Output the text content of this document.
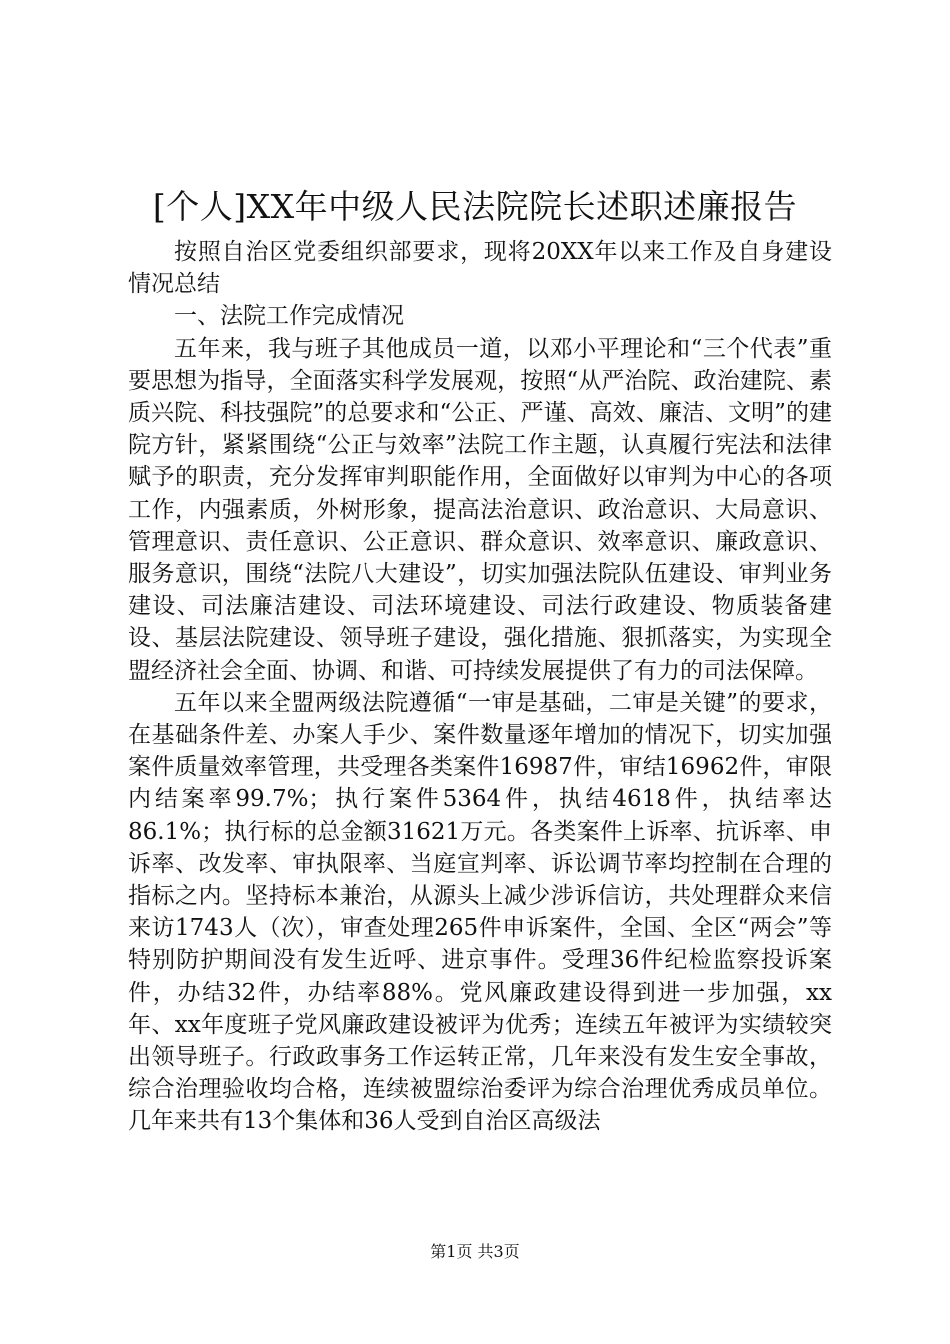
[个人]XX年中级人民法院院长述职述廉报告

按照自治区党委组织部要求，现将20XX年以来工作及自身建设情况总结

一、法院工作完成情况

五年来，我与班子其他成员一道，以邓小平理论和“三个代表”重要思想为指导，全面落实科学发展观，按照“从严治院、政治建院、素质兴院、科技强院”的总要求和“公正、严谨、高效、廉洁、文明”的建院方针，紧紧围绕“公正与效率”法院工作主题，认真履行宪法和法律赋予的职责，充分发挥审判职能作用，全面做好以审判为中心的各项工作，内强素质，外树形象，提高法治意识、政治意识、大局意识、管理意识、责任意识、公正意识、群众意识、效率意识、廉政意识、服务意识，围绕“法院八大建设”，切实加强法院队伍建设、审判业务建设、司法廉洁建设、司法环境建设、司法行政建设、物质装备建设、基层法院建设、领导班子建设，强化措施、狠抓落实，为实现全盟经济社会全面、协调、和谐、可持续发展提供了有力的司法保障。

五年以来全盟两级法院遵循“一审是基础，二审是关键”的要求，在基础条件差、办案人手少、案件数量逐年增加的情况下，切实加强案件质量效率管理，共受理各类案件16987件，审结16962件，审限内结案率99.7%；执行案件5364件，执结4618件，执结率达86.1%；执行标的总金额31621万元。各类案件上诉率、抗诉率、申诉率、改发率、审执限率、当庭宣判率、诉讼调节率均控制在合理的指标之内。坚持标本兼治，从源头上减少涉诉信访，共处理群众来信来访1743人（次），审查处理265件申诉案件，全国、全区“两会”等特别防护期间没有发生近呼、进京事件。受理36件纪检监察投诉案件，办结32件，办结率88%。党风廉政建设得到进一步加强，xx年、xx年度班子党风廉政建设被评为优秀；连续五年被评为实绩较突出领导班子。行政政事务工作运转正常，几年来没有发生安全事故，综合治理验收均合格，连续被盟综治委评为综合治理优秀成员单位。几年来共有13个集体和36人受到自治区高级法

第1页 共3页
